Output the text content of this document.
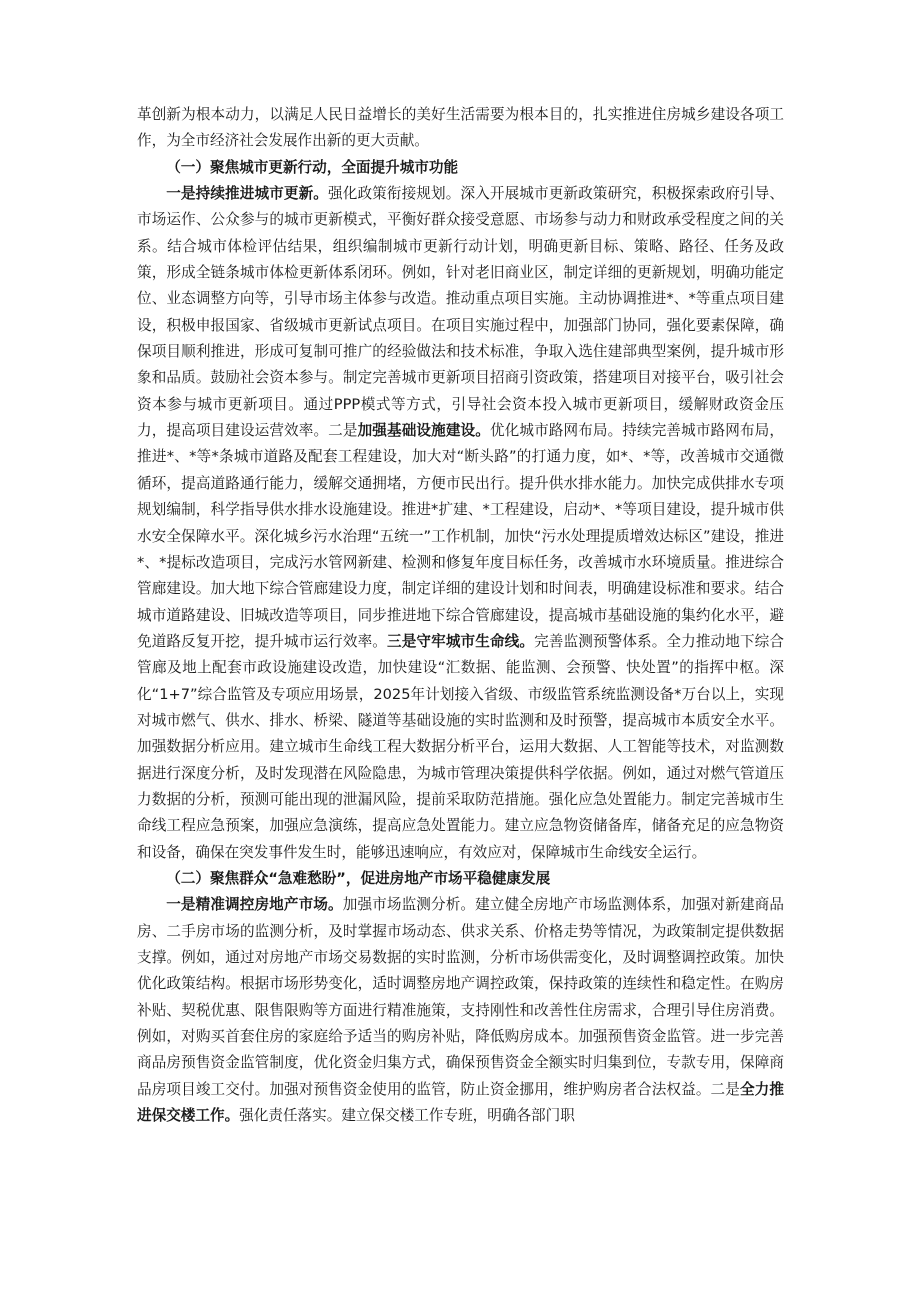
革创新为根本动力，以满足人民日益增长的美好生活需要为根本目的，扎实推进住房城乡建设各项工作，为全市经济社会发展作出新的更大贡献。

（一）聚焦城市更新行动，全面提升城市功能

一是持续推进城市更新。强化政策衔接规划。深入开展城市更新政策研究，积极探索政府引导、市场运作、公众参与的城市更新模式，平衡好群众接受意愿、市场参与动力和财政承受程度之间的关系。结合城市体检评估结果，组织编制城市更新行动计划，明确更新目标、策略、路径、任务及政策，形成全链条城市体检更新体系闭环。例如，针对老旧商业区，制定详细的更新规划，明确功能定位、业态调整方向等，引导市场主体参与改造。推动重点项目实施。主动协调推进*、*等重点项目建设，积极申报国家、省级城市更新试点项目。在项目实施过程中，加强部门协同，强化要素保障，确保项目顺利推进，形成可复制可推广的经验做法和技术标准，争取入选住建部典型案例，提升城市形象和品质。鼓励社会资本参与。制定完善城市更新项目招商引资政策，搭建项目对接平台，吸引社会资本参与城市更新项目。通过PPP模式等方式，引导社会资本投入城市更新项目，缓解财政资金压力，提高项目建设运营效率。二是加强基础设施建设。优化城市路网布局。持续完善城市路网布局，推进*、*等*条城市道路及配套工程建设，加大对“断头路”的打通力度，如*、*等，改善城市交通微循环，提高道路通行能力，缓解交通拥堵，方便市民出行。提升供水排水能力。加快完成供排水专项规划编制，科学指导供水排水设施建设。推进*扩建、*工程建设，启动*、*等项目建设，提升城市供水安全保障水平。深化城乡污水治理“五统一”工作机制，加快“污水处理提质增效达标区”建设，推进*、*提标改造项目，完成污水管网新建、检测和修复年度目标任务，改善城市水环境质量。推进综合管廊建设。加大地下综合管廊建设力度，制定详细的建设计划和时间表，明确建设标准和要求。结合城市道路建设、旧城改造等项目，同步推进地下综合管廊建设，提高城市基础设施的集约化水平，避免道路反复开挖，提升城市运行效率。三是守牢城市生命线。完善监测预警体系。全力推动地下综合管廊及地上配套市政设施建设改造，加快建设“汇数据、能监测、会预警、快处置”的指挥中枢。深化“1+7”综合监管及专项应用场景，2025年计划接入省级、市级监管系统监测设备*万台以上，实现对城市燃气、供水、排水、桥梁、隧道等基础设施的实时监测和及时预警，提高城市本质安全水平。加强数据分析应用。建立城市生命线工程大数据分析平台，运用大数据、人工智能等技术，对监测数据进行深度分析，及时发现潜在风险隐患，为城市管理决策提供科学依据。例如，通过对燃气管道压力数据的分析，预测可能出现的泄漏风险，提前采取防范措施。强化应急处置能力。制定完善城市生命线工程应急预案，加强应急演练，提高应急处置能力。建立应急物资储备库，储备充足的应急物资和设备，确保在突发事件发生时，能够迅速响应，有效应对，保障城市生命线安全运行。

（二）聚焦群众“急难愁盼”，促进房地产市场平稳健康发展

一是精准调控房地产市场。加强市场监测分析。建立健全房地产市场监测体系，加强对新建商品房、二手房市场的监测分析，及时掌握市场动态、供求关系、价格走势等情况，为政策制定提供数据支撑。例如，通过对房地产市场交易数据的实时监测，分析市场供需变化，及时调整调控政策。加快优化政策结构。根据市场形势变化，适时调整房地产调控政策，保持政策的连续性和稳定性。在购房补贴、契税优惠、限售限购等方面进行精准施策，支持刚性和改善性住房需求，合理引导住房消费。例如，对购买首套住房的家庭给予适当的购房补贴，降低购房成本。加强预售资金监管。进一步完善商品房预售资金监管制度，优化资金归集方式，确保预售资金全额实时归集到位，专款专用，保障商品房项目竣工交付。加强对预售资金使用的监管，防止资金挪用，维护购房者合法权益。二是全力推进保交楼工作。强化责任落实。建立保交楼工作专班，明确各部门职
